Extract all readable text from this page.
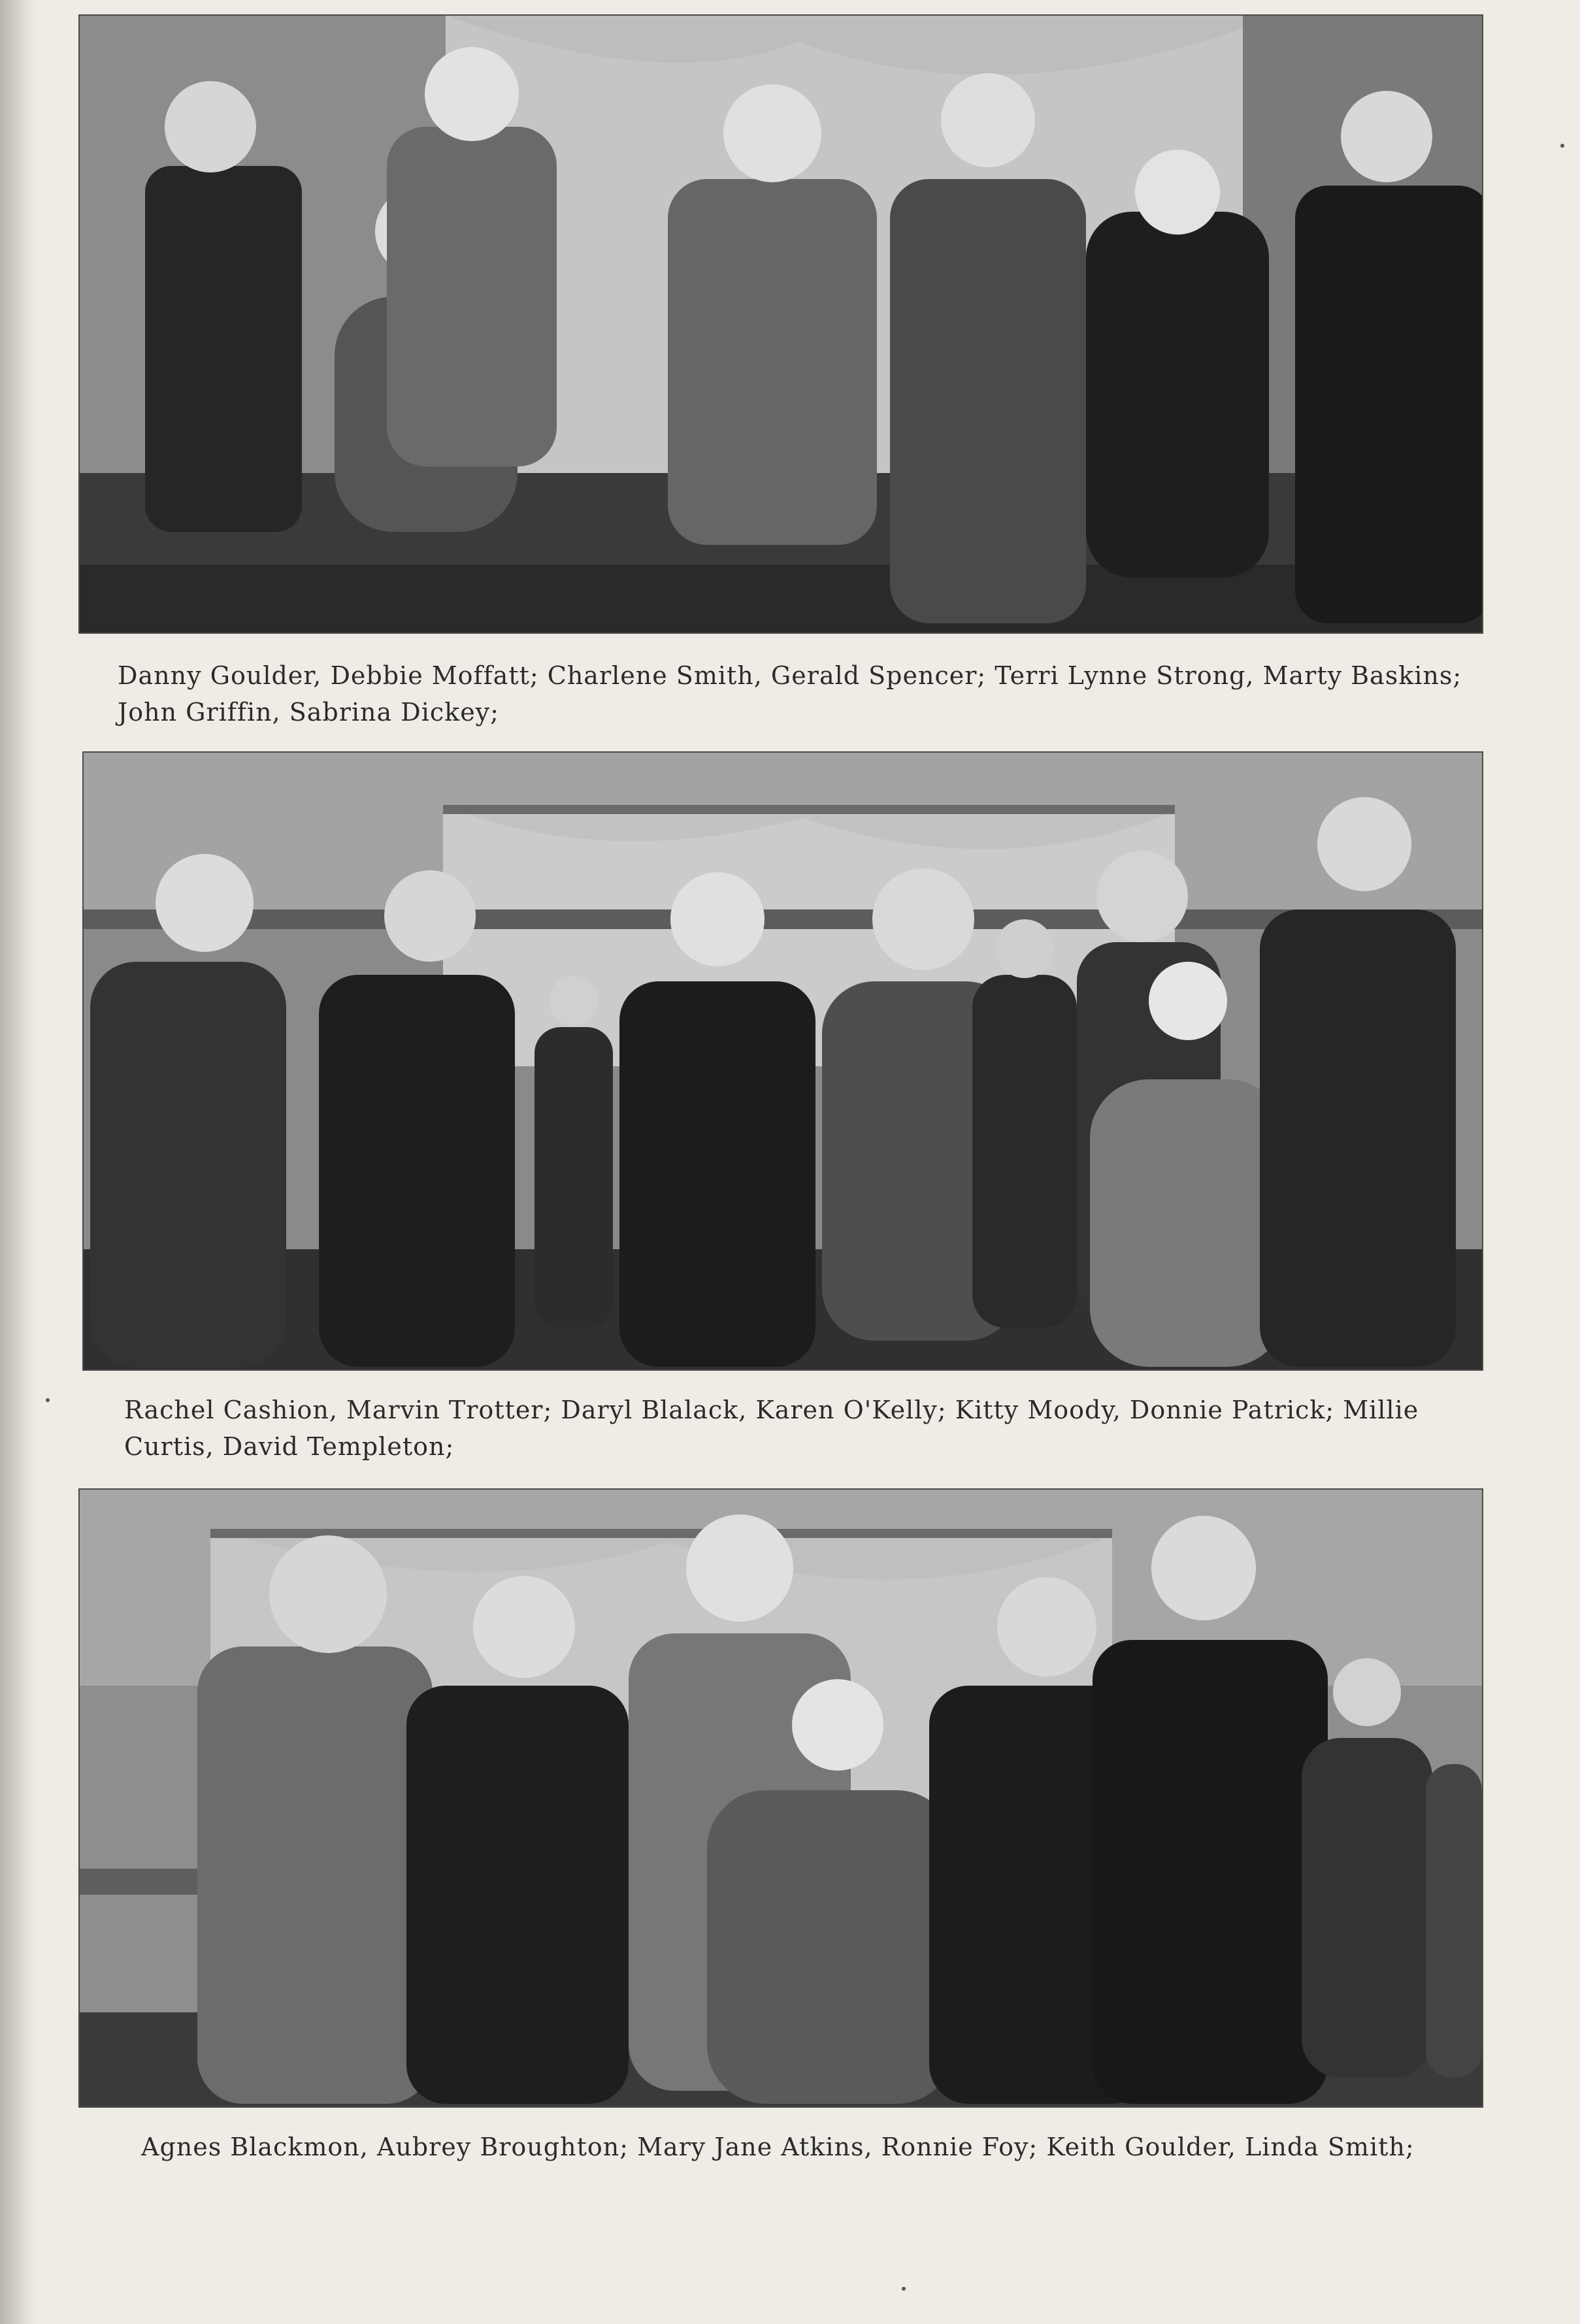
Danny Goulder, Debbie Moffatt; Charlene Smith, Gerald Spencer; Terri Lynne Strong, Marty Baskins;
John Griffin, Sabrina Dickey;
Rachel Cashion, Marvin Trotter; Daryl Blalack, Karen O'Kelly; Kitty Moody, Donnie Patrick; Millie
Curtis, David Templeton;
Agnes Blackmon, Aubrey Broughton; Mary Jane Atkins, Ronnie Foy; Keith Goulder, Linda Smith;
